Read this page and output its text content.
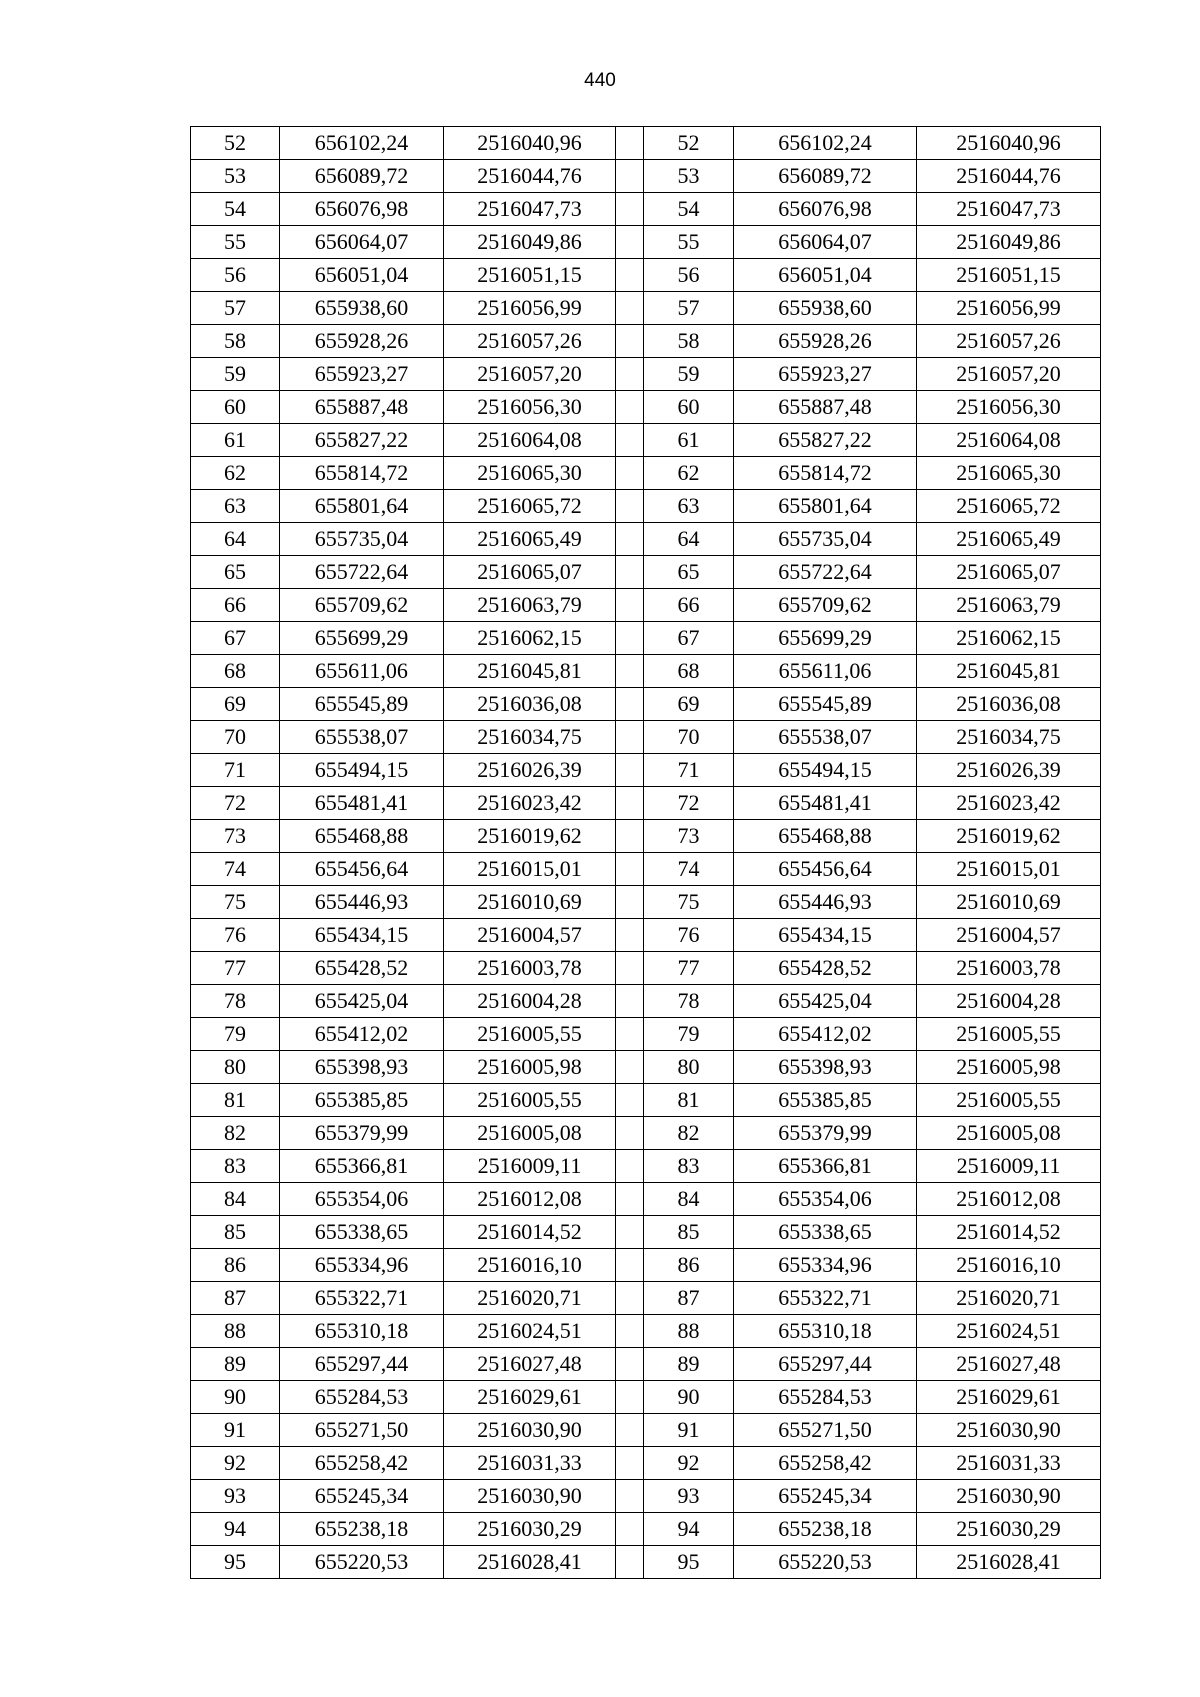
440
52	656102,24	2516040,96		52	656102,24	2516040,96
53	656089,72	2516044,76		53	656089,72	2516044,76
54	656076,98	2516047,73		54	656076,98	2516047,73
55	656064,07	2516049,86		55	656064,07	2516049,86
56	656051,04	2516051,15		56	656051,04	2516051,15
57	655938,60	2516056,99		57	655938,60	2516056,99
58	655928,26	2516057,26		58	655928,26	2516057,26
59	655923,27	2516057,20		59	655923,27	2516057,20
60	655887,48	2516056,30		60	655887,48	2516056,30
61	655827,22	2516064,08		61	655827,22	2516064,08
62	655814,72	2516065,30		62	655814,72	2516065,30
63	655801,64	2516065,72		63	655801,64	2516065,72
64	655735,04	2516065,49		64	655735,04	2516065,49
65	655722,64	2516065,07		65	655722,64	2516065,07
66	655709,62	2516063,79		66	655709,62	2516063,79
67	655699,29	2516062,15		67	655699,29	2516062,15
68	655611,06	2516045,81		68	655611,06	2516045,81
69	655545,89	2516036,08		69	655545,89	2516036,08
70	655538,07	2516034,75		70	655538,07	2516034,75
71	655494,15	2516026,39		71	655494,15	2516026,39
72	655481,41	2516023,42		72	655481,41	2516023,42
73	655468,88	2516019,62		73	655468,88	2516019,62
74	655456,64	2516015,01		74	655456,64	2516015,01
75	655446,93	2516010,69		75	655446,93	2516010,69
76	655434,15	2516004,57		76	655434,15	2516004,57
77	655428,52	2516003,78		77	655428,52	2516003,78
78	655425,04	2516004,28		78	655425,04	2516004,28
79	655412,02	2516005,55		79	655412,02	2516005,55
80	655398,93	2516005,98		80	655398,93	2516005,98
81	655385,85	2516005,55		81	655385,85	2516005,55
82	655379,99	2516005,08		82	655379,99	2516005,08
83	655366,81	2516009,11		83	655366,81	2516009,11
84	655354,06	2516012,08		84	655354,06	2516012,08
85	655338,65	2516014,52		85	655338,65	2516014,52
86	655334,96	2516016,10		86	655334,96	2516016,10
87	655322,71	2516020,71		87	655322,71	2516020,71
88	655310,18	2516024,51		88	655310,18	2516024,51
89	655297,44	2516027,48		89	655297,44	2516027,48
90	655284,53	2516029,61		90	655284,53	2516029,61
91	655271,50	2516030,90		91	655271,50	2516030,90
92	655258,42	2516031,33		92	655258,42	2516031,33
93	655245,34	2516030,90		93	655245,34	2516030,90
94	655238,18	2516030,29		94	655238,18	2516030,29
95	655220,53	2516028,41		95	655220,53	2516028,41
